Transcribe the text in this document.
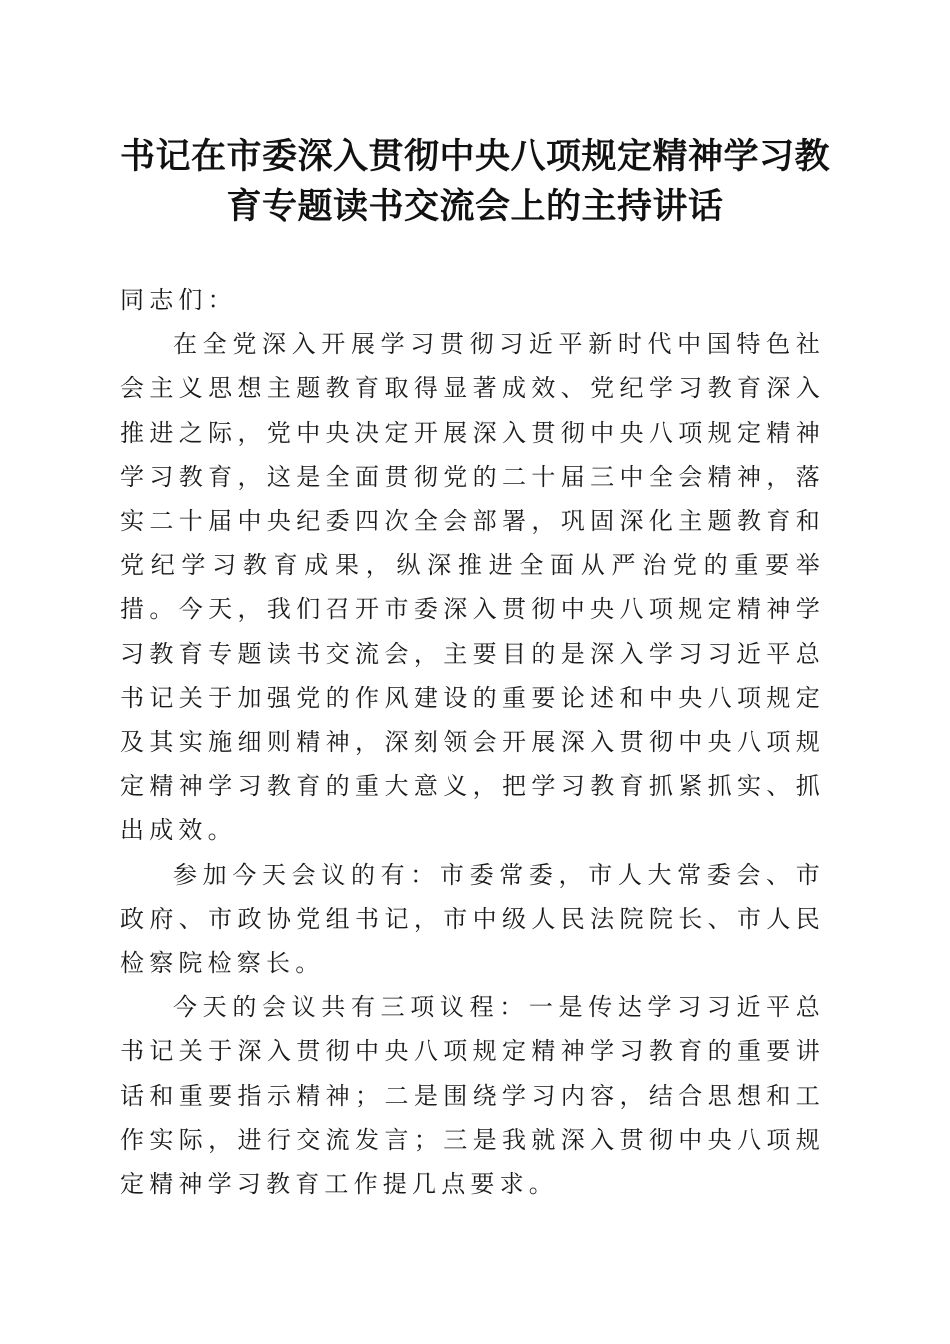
书记在市委深入贯彻中央八项规定精神学习教
育专题读书交流会上的主持讲话

同志们：

在全党深入开展学习贯彻习近平新时代中国特色社会主义思想主题教育取得显著成效、党纪学习教育深入推进之际，党中央决定开展深入贯彻中央八项规定精神学习教育，这是全面贯彻党的二十届三中全会精神，落实二十届中央纪委四次全会部署，巩固深化主题教育和党纪学习教育成果，纵深推进全面从严治党的重要举措。今天，我们召开市委深入贯彻中央八项规定精神学习教育专题读书交流会，主要目的是深入学习习近平总书记关于加强党的作风建设的重要论述和中央八项规定及其实施细则精神，深刻领会开展深入贯彻中央八项规定精神学习教育的重大意义，把学习教育抓紧抓实、抓出成效。

参加今天会议的有：市委常委，市人大常委会、市政府、市政协党组书记，市中级人民法院院长、市人民检察院检察长。

今天的会议共有三项议程：一是传达学习习近平总书记关于深入贯彻中央八项规定精神学习教育的重要讲话和重要指示精神；二是围绕学习内容，结合思想和工作实际，进行交流发言；三是我就深入贯彻中央八项规定精神学习教育工作提几点要求。
